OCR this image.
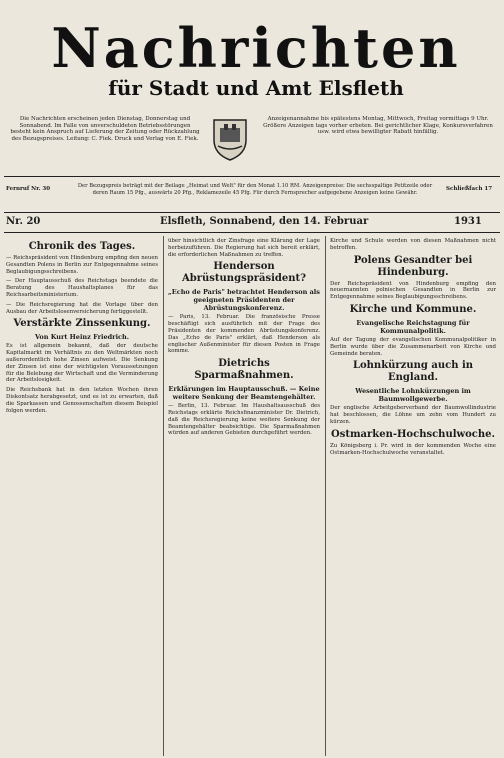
Nachrichten
für Stadt und Amt Elsfleth
Die Nachrichten erscheinen jeden Dienstag, Donnerstag und Sonnabend. Im Falle von unverschuldeten Betriebsstörungen besteht kein Anspruch auf Lieferung der Zeitung oder Rückzahlung des Bezugspreises. Leitung: C. Fiek. Druck und Verlag von E. Fiek.
Anzeigenannahme bis spätestens Montag, Mittwoch, Freitag vormittags 9 Uhr. Größere Anzeigen tags vorher erbeten. Bei gerichtlicher Klage, Konkursverfahren usw. wird etwa bewilligter Rabatt hinfällig.
Fernruf Nr. 30	Der Bezugspreis beträgt mit der Beilage „Heimat und Welt" für den Monat 1.10 RM. Anzeigenpreise: Die sechsspaltige Petitzeile oder deren Raum 15 Pfg., auswärts 20 Pfg., Reklamezeile 45 Pfg. Für durch Fernsprecher aufgegebene Anzeigen keine Gewähr.
Schließfach 17
Nr. 20	Elsfleth, Sonnabend, den 14. Februar	1931
Chronik des Tages.

— Reichspräsident von Hindenburg empfing den neuen Gesandten Polens in Berlin zur Entgegennahme seines Beglaubigungsschreibens.

— Der Hauptausschuß des Reichstags beendete die Beratung des Haushaltsplanes für das Reichsarbeitsministerium.

— Die Reichsregierung hat die Vorlage über den Ausbau der Arbeitslosenversicherung fertiggestellt.

Verstärkte Zinssenkung.
Von Kurt Heinz Friedrich.

Es ist allgemein bekannt, daß der deutsche Kapitalmarkt im Verhältnis zu den Weltmärkten noch außerordentlich hohe Zinsen aufweist. Die Senkung der Zinsen ist eine der wichtigsten Voraussetzungen für die Belebung der Wirtschaft und die Verminderung der Arbeitslosigkeit.

Die Reichsbank hat in den letzten Wochen ihren Diskontsatz herabgesetzt, und es ist zu erwarten, daß die Sparkassen und Genossenschaften diesem Beispiel folgen werden.

über hinsichtlich der Zinsfrage eine Klärung der Lage herbeizuführen. Die Regierung hat sich bereit erklärt, die erforderlichen Maßnahmen zu treffen.

Henderson Abrüstungspräsident?
„Echo de Paris" betrachtet Henderson als geeigneten Präsidenten der Abrüstungskonferenz.

— Paris, 13. Februar. Die französische Presse beschäftigt sich ausführlich mit der Frage des Präsidenten der kommenden Abrüstungskonferenz. Das „Echo de Paris" erklärt, daß Henderson als englischer Außenminister für diesen Posten in Frage komme.

Dietrichs Sparmaßnahmen.
Erklärungen im Hauptausschuß. — Keine weitere Senkung der Beamtengehälter.

— Berlin, 13. Februar. Im Haushaltsausschuß des Reichstags erklärte Reichsfinanzminister Dr. Dietrich, daß die Reichsregierung keine weitere Senkung der Beamtengehälter beabsichtige. Die Sparmaßnahmen würden auf anderen Gebieten durchgeführt werden.

Kirche und Schule werden von diesen Maßnahmen nicht betroffen.

Polens Gesandter bei Hindenburg.

Der Reichspräsident von Hindenburg empfing den neuernannten polnischen Gesandten in Berlin zur Entgegennahme seines Beglaubigungsschreibens.

Kirche und Kommune.
Evangelische Reichstagung für Kommunalpolitik.

Auf der Tagung der evangelischen Kommunalpolitiker in Berlin wurde über die Zusammenarbeit von Kirche und Gemeinde beraten.

Lohnkürzung auch in England.
Wesentliche Lohnkürzungen im Baumwollgewerbe.

Der englische Arbeitgeberverband der Baumwollindustrie hat beschlossen, die Löhne um zehn vom Hundert zu kürzen.

Ostmarken-Hochschulwoche.

Zu Königsberg i. Pr. wird in der kommenden Woche eine Ostmarken-Hochschulwoche veranstaltet.
